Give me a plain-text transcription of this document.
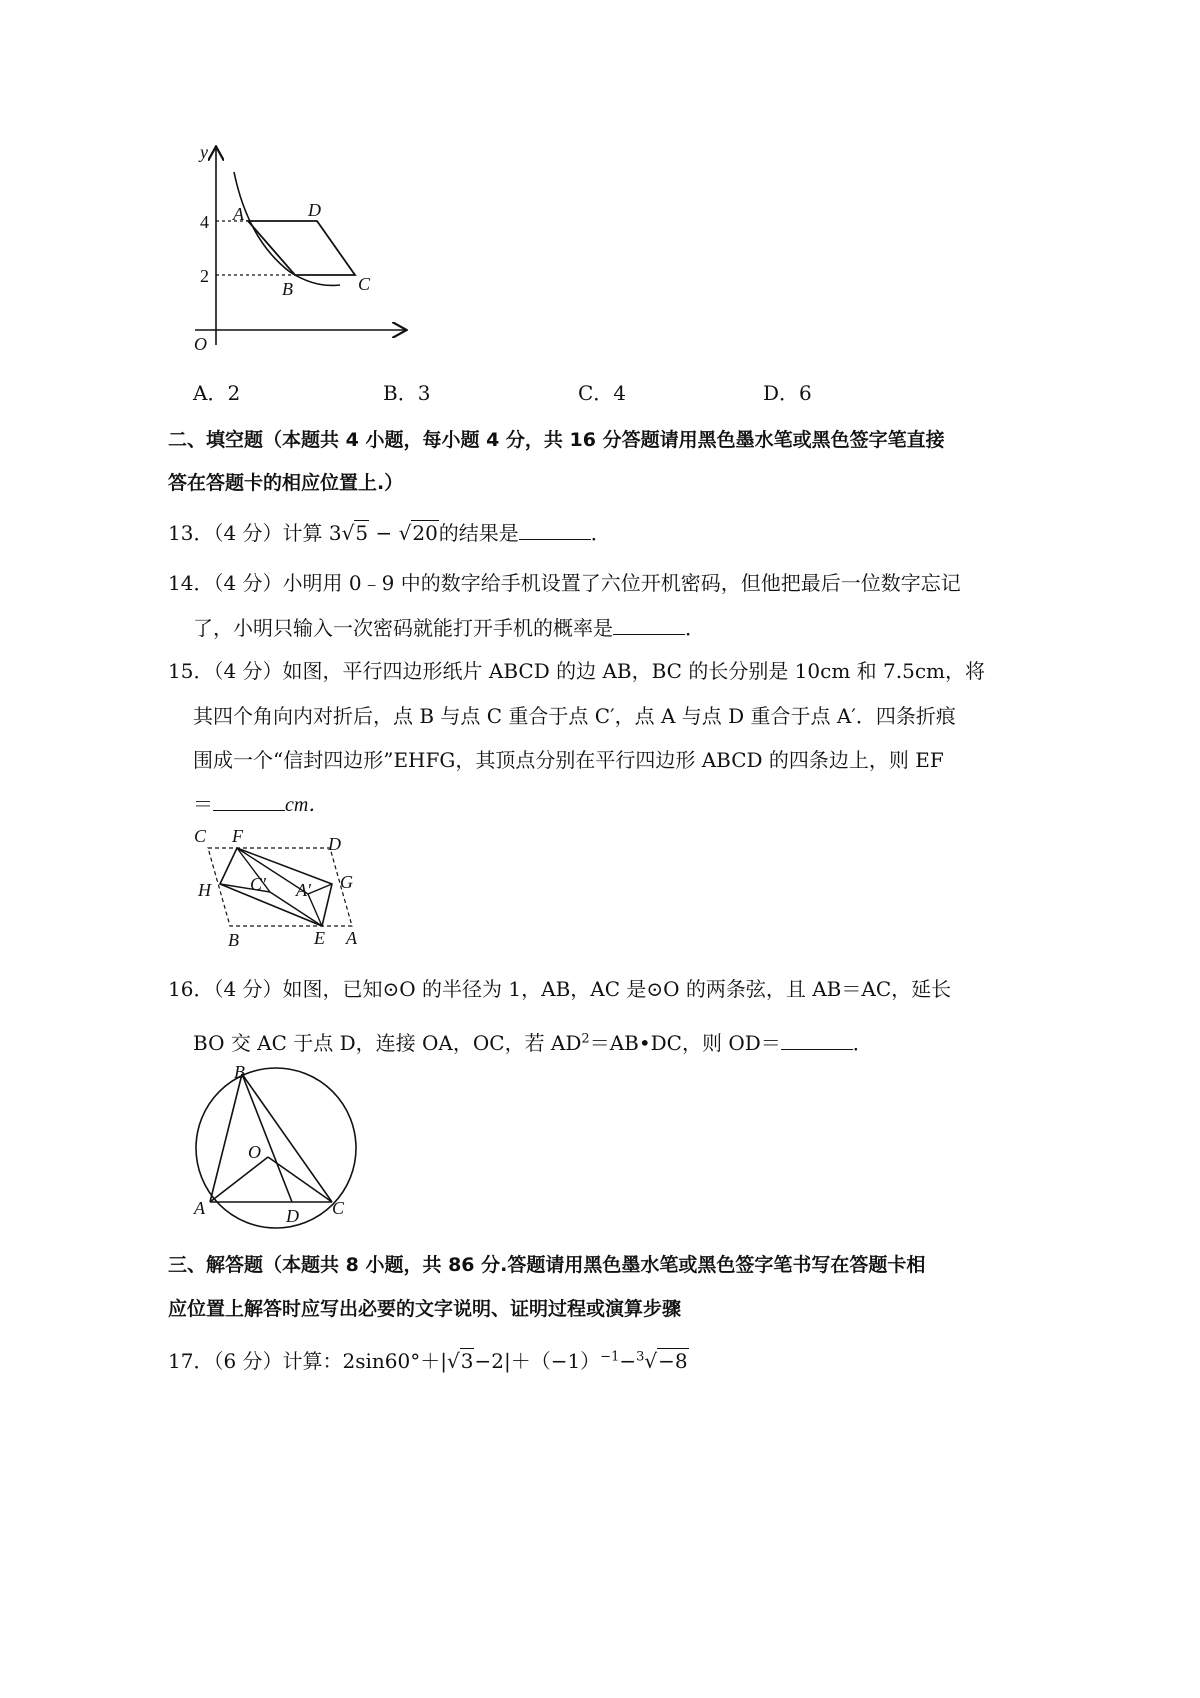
y
O
4
2
A	D
B	C
A．2	B．3	C．4	D．6
二、填空题（本题共 4 小题，每小题 4 分，共 16 分答题请用黑色墨水笔或黑色签字笔直接
答在答题卡的相应位置上.）
13．（4 分）计算 3√5 − √20的结果是	．
14．（4 分）小明用 0﹣9 中的数字给手机设置了六位开机密码，但他把最后一位数字忘记
了，小明只输入一次密码就能打开手机的概率是	．
15．（4 分）如图，平行四边形纸片 ABCD 的边 AB，BC 的长分别是 10cm 和 7.5cm，将
其四个角向内对折后，点 B 与点 C 重合于点 C′，点 A 与点 D 重合于点 A′．四条折痕
围成一个“信封四边形”EHFG，其顶点分别在平行四边形 ABCD 的四条边上，则 EF
＝	cm．
C F	D
H C′ A′ G
B	E A
16．（4 分）如图，已知⊙O 的半径为 1，AB，AC 是⊙O 的两条弦，且 AB＝AC，延长
BO 交 AC 于点 D，连接 OA，OC，若 $AD^2=AB•DC$，则 OD＝	．
B
O
A	D C
三、解答题（本题共 8 小题，共 86 分.答题请用黑色墨水笔或黑色签字笔书写在答题卡相
应位置上解答时应写出必要的文字说明、证明过程或演算步骤
17．（6 分）计算：$2\sin 60^\circ+|√3-2|+(-1)^{-1}-^3√-8$
